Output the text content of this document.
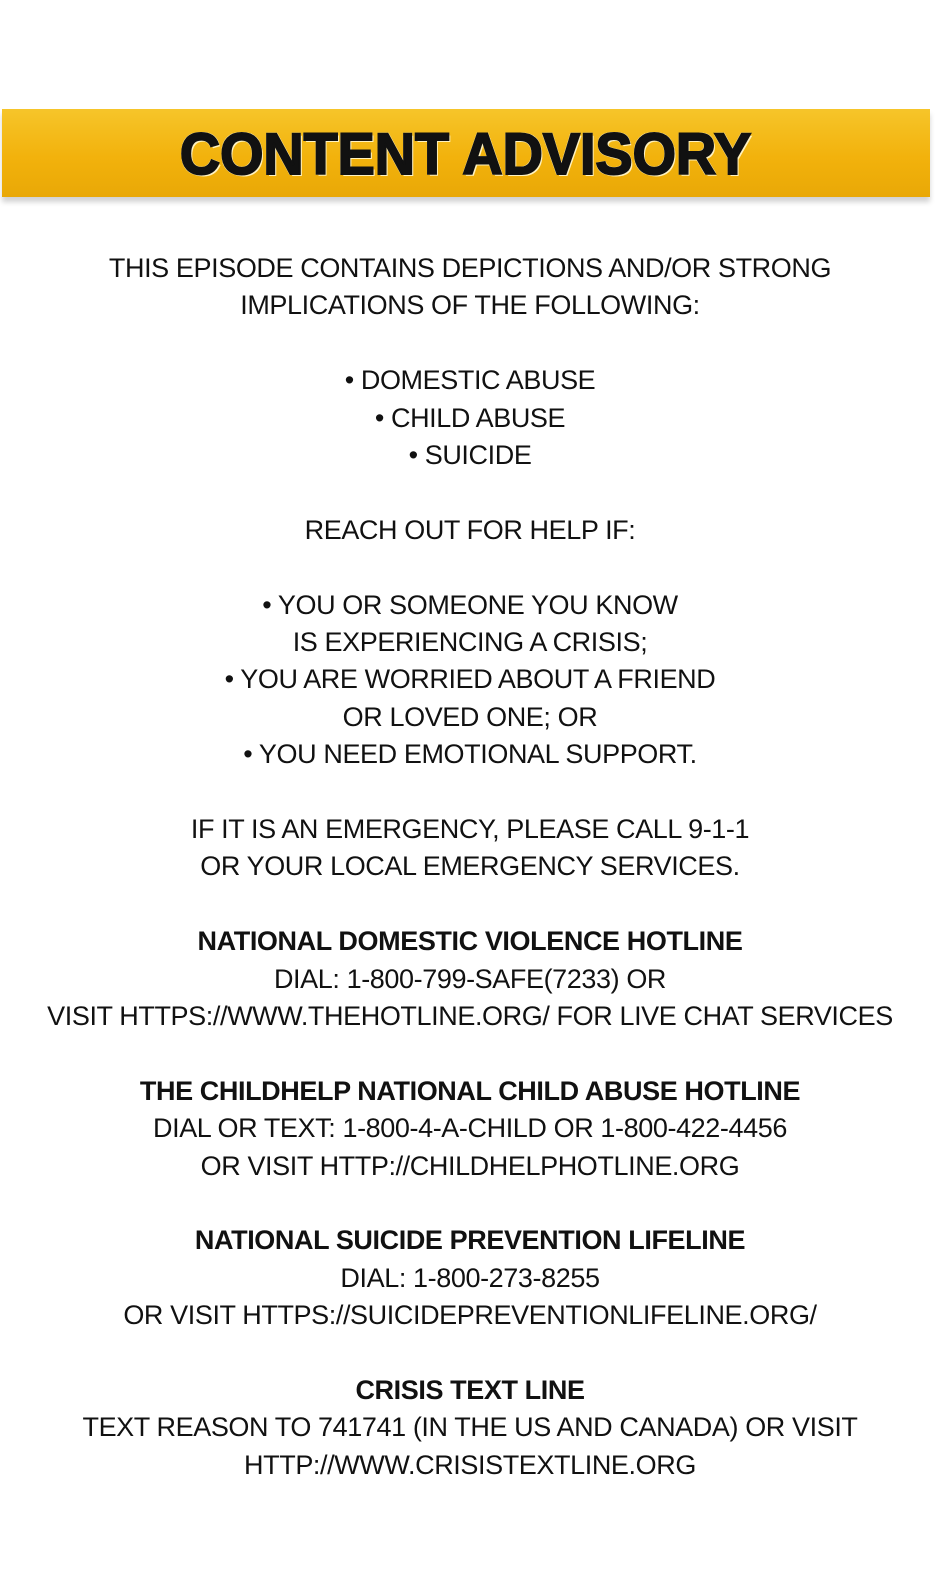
CONTENT ADVISORY
THIS EPISODE CONTAINS DEPICTIONS AND/OR STRONG
IMPLICATIONS OF THE FOLLOWING:
• DOMESTIC ABUSE
• CHILD ABUSE
• SUICIDE
REACH OUT FOR HELP IF:
• YOU OR SOMEONE YOU KNOW
IS EXPERIENCING A CRISIS;
• YOU ARE WORRIED ABOUT A FRIEND
OR LOVED ONE; OR
• YOU NEED EMOTIONAL SUPPORT.
IF IT IS AN EMERGENCY, PLEASE CALL 9-1-1
OR YOUR LOCAL EMERGENCY SERVICES.
NATIONAL DOMESTIC VIOLENCE HOTLINE
DIAL: 1-800-799-SAFE(7233) OR
VISIT HTTPS://WWW.THEHOTLINE.ORG/ FOR LIVE CHAT SERVICES
THE CHILDHELP NATIONAL CHILD ABUSE HOTLINE
DIAL OR TEXT: 1-800-4-A-CHILD OR 1-800-422-4456
OR VISIT HTTP://CHILDHELPHOTLINE.ORG
NATIONAL SUICIDE PREVENTION LIFELINE
DIAL: 1-800-273-8255
OR VISIT HTTPS://SUICIDEPREVENTIONLIFELINE.ORG/
CRISIS TEXT LINE
TEXT REASON TO 741741 (IN THE US AND CANADA) OR VISIT
HTTP://WWW.CRISISTEXTLINE.ORG
